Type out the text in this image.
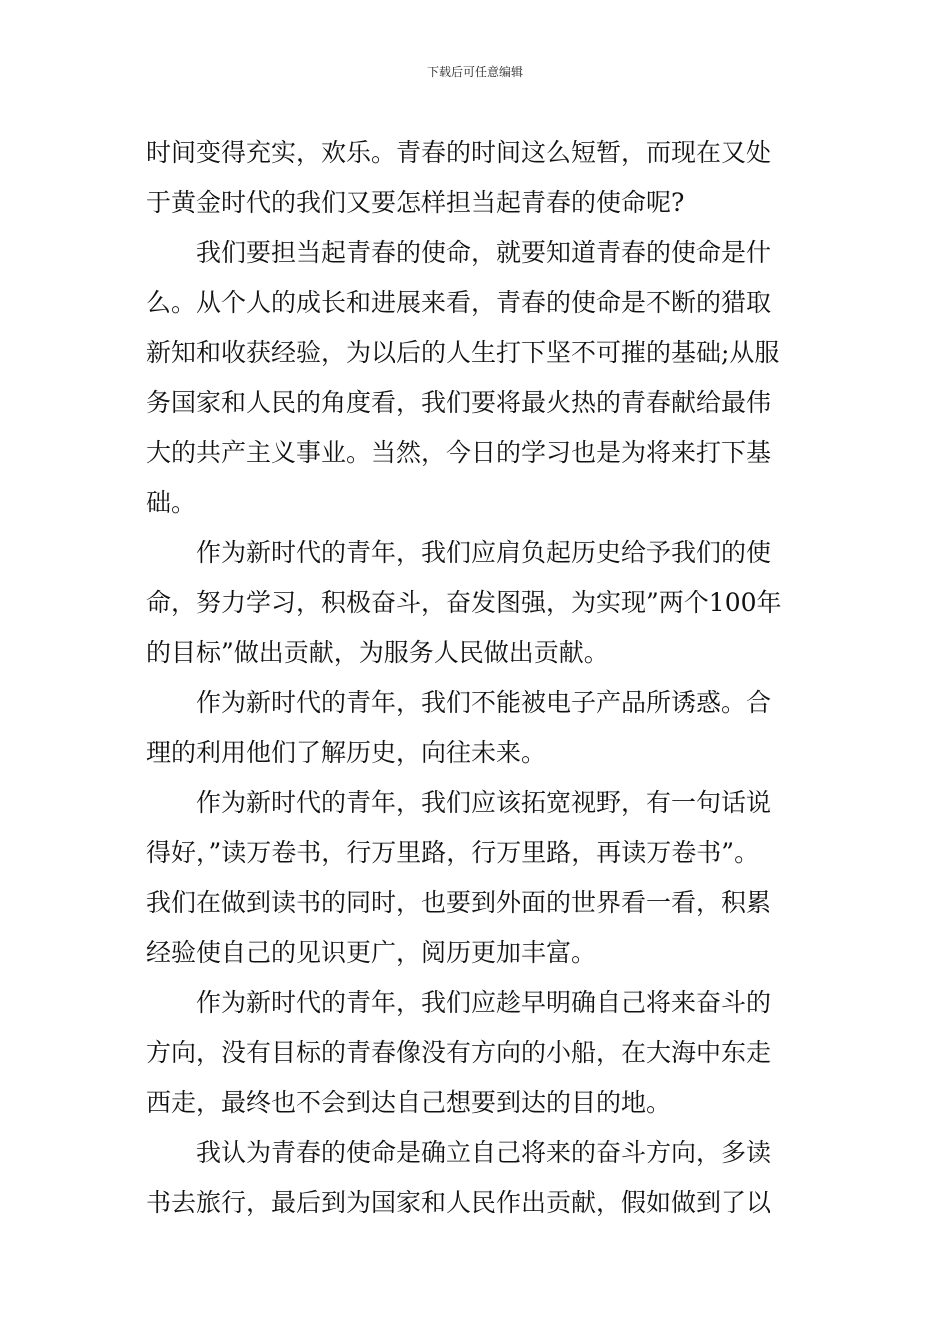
下载后可任意编辑
时间变得充实，欢乐。青春的时间这么短暂，而现在又处
于黄金时代的我们又要怎样担当起青春的使命呢?
我们要担当起青春的使命，就要知道青春的使命是什
么。从个人的成长和进展来看，青春的使命是不断的猎取
新知和收获经验，为以后的人生打下坚不可摧的基础;从服
务国家和人民的角度看，我们要将最火热的青春献给最伟
大的共产主义事业。当然，今日的学习也是为将来打下基
础。
作为新时代的青年，我们应肩负起历史给予我们的使
命，努力学习，积极奋斗，奋发图强，为实现”两个100年
的目标”做出贡献，为服务人民做出贡献。
作为新时代的青年，我们不能被电子产品所诱惑。合
理的利用他们了解历史，向往未来。
作为新时代的青年，我们应该拓宽视野，有一句话说
得好，”读万卷书，行万里路，行万里路，再读万卷书”。
我们在做到读书的同时，也要到外面的世界看一看，积累
经验使自己的见识更广，阅历更加丰富。
作为新时代的青年，我们应趁早明确自己将来奋斗的
方向，没有目标的青春像没有方向的小船，在大海中东走
西走，最终也不会到达自己想要到达的目的地。
我认为青春的使命是确立自己将来的奋斗方向，多读
书去旅行，最后到为国家和人民作出贡献，假如做到了以
